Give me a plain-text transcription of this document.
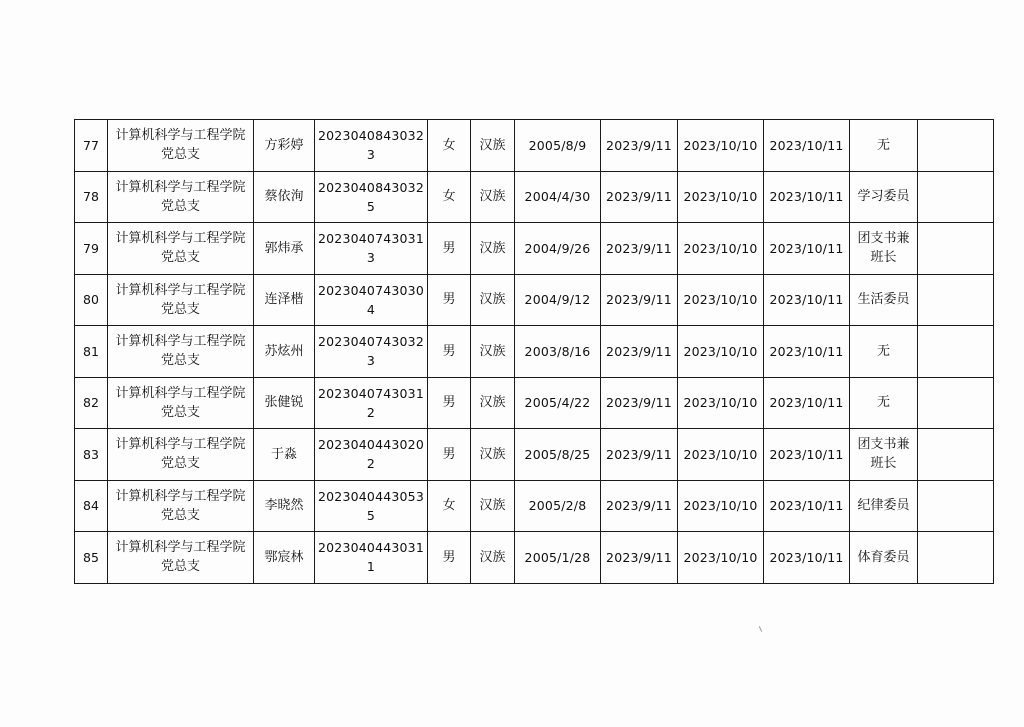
77	计算机科学与工程学院党总支	方彩婷	20230408430323	女	汉族	2005/8/9	2023/9/11	2023/10/10	2023/10/11	无	
78	计算机科学与工程学院党总支	蔡依洵	20230408430325	女	汉族	2004/4/30	2023/9/11	2023/10/10	2023/10/11	学习委员	
79	计算机科学与工程学院党总支	郭炜承	20230407430313	男	汉族	2004/9/26	2023/9/11	2023/10/10	2023/10/11	团支书兼班长	
80	计算机科学与工程学院党总支	连泽楷	20230407430304	男	汉族	2004/9/12	2023/9/11	2023/10/10	2023/10/11	生活委员	
81	计算机科学与工程学院党总支	苏炫州	20230407430323	男	汉族	2003/8/16	2023/9/11	2023/10/10	2023/10/11	无	
82	计算机科学与工程学院党总支	张健锐	20230407430312	男	汉族	2005/4/22	2023/9/11	2023/10/10	2023/10/11	无	
83	计算机科学与工程学院党总支	于淼	20230404430202	男	汉族	2005/8/25	2023/9/11	2023/10/10	2023/10/11	团支书兼班长	
84	计算机科学与工程学院党总支	李晓然	20230404430535	女	汉族	2005/2/8	2023/9/11	2023/10/10	2023/10/11	纪律委员	
85	计算机科学与工程学院党总支	鄂宸林	20230404430311	男	汉族	2005/1/28	2023/9/11	2023/10/10	2023/10/11	体育委员	
